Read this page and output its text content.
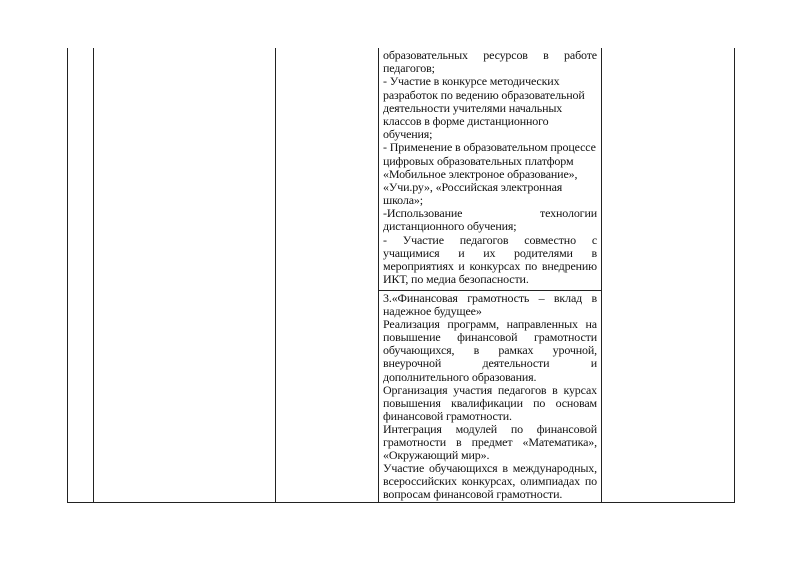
образовательных ресурсов в работе
педагогов;
- Участие в конкурсе методических
разработок по ведению образовательной
деятельности учителями начальных
классов в форме дистанционного
обучения;
- Применение в образовательном процессе
цифровых образовательных платформ
«Мобильное электроное образование»,
«Учи.ру», «Российская электронная
школа»;
-Использование технологии
дистанционного обучения;
- Участие педагогов совместно с
учащимися и их родителями в
мероприятиях и конкурсах по внедрению
ИКТ, по медиа безопасности.
3.«Финансовая грамотность – вклад в
надежное будущее»
Реализация программ, направленных на
повышение финансовой грамотности
обучающихся, в рамках урочной,
внеурочной деятельности и
дополнительного образования.
Организация участия педагогов в курсах
повышения квалификации по основам
финансовой грамотности.
Интеграция модулей по финансовой
грамотности в предмет «Математика»,
«Окружающий мир».
Участие обучающихся в международных,
всероссийских конкурсах, олимпиадах по
вопросам финансовой грамотности.
